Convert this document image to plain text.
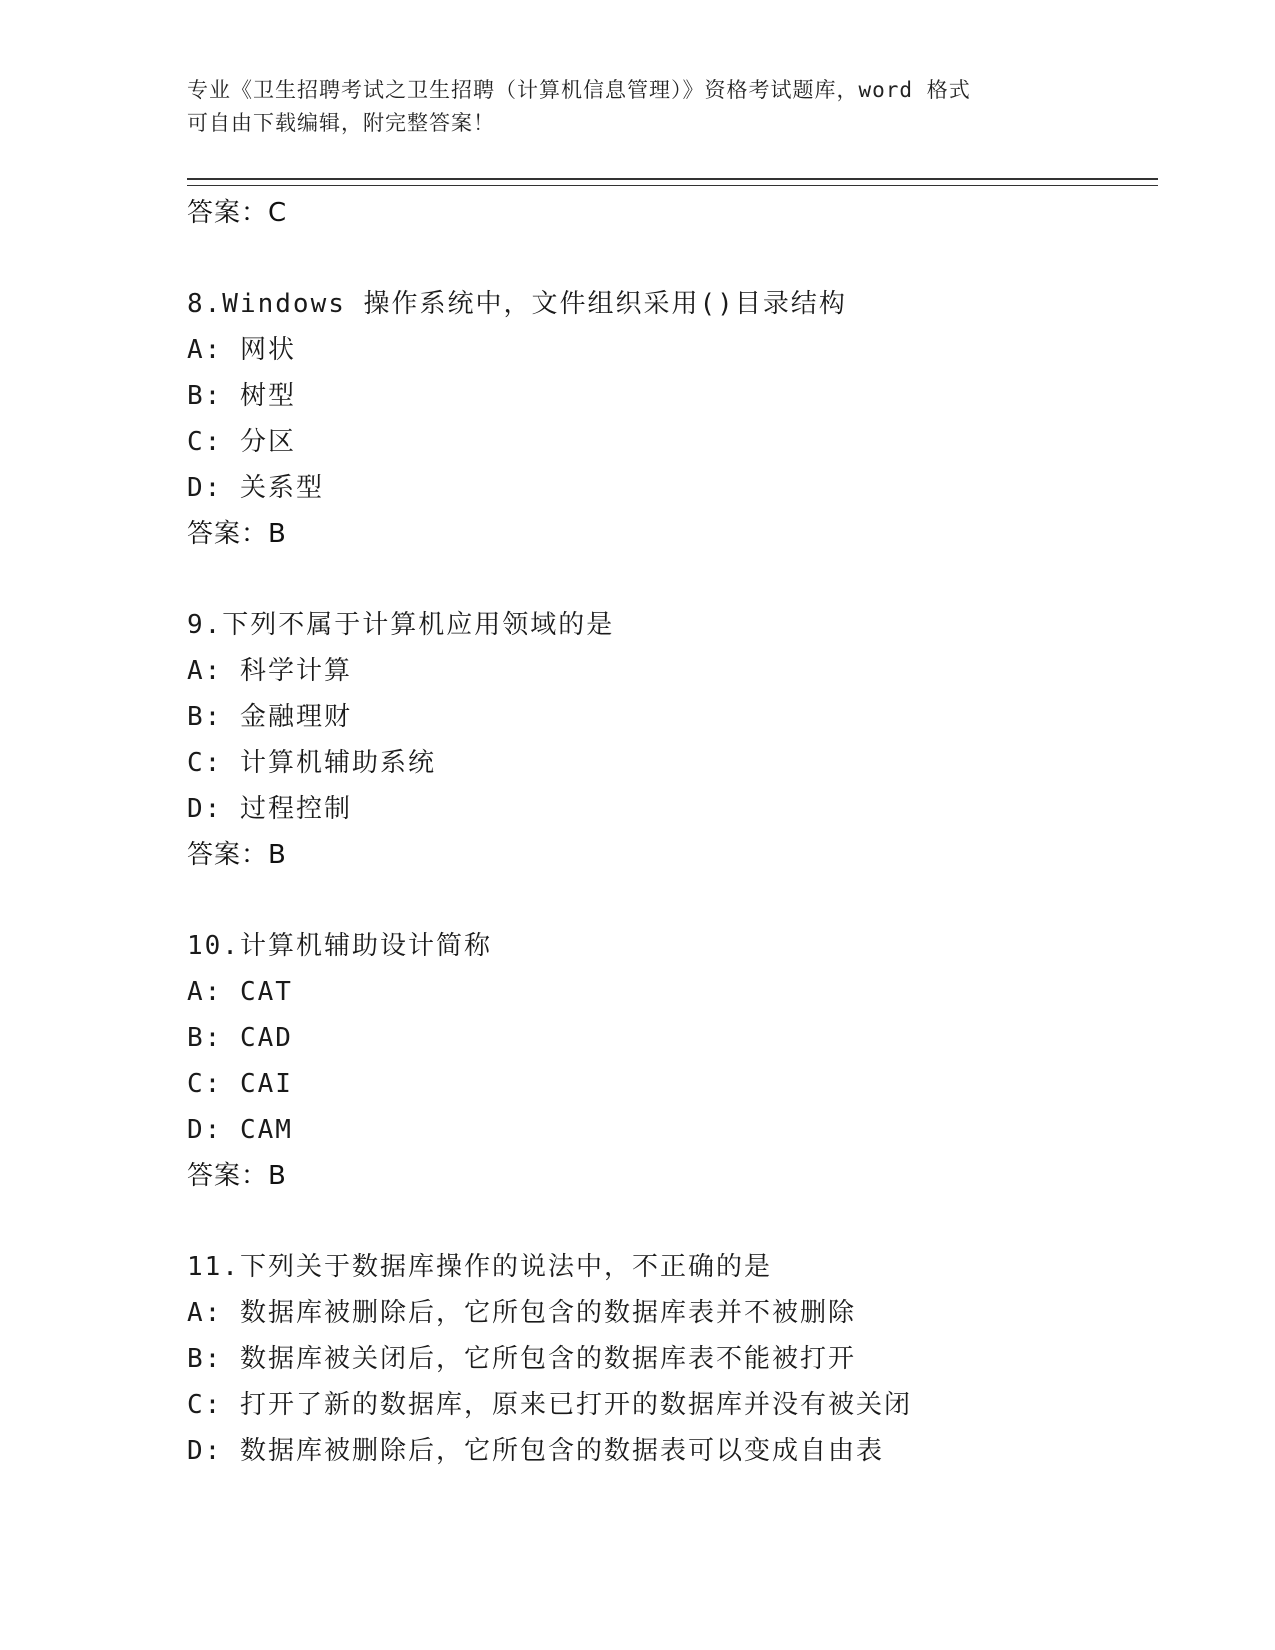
专业《卫生招聘考试之卫生招聘（计算机信息管理）》资格考试题库，word 格式
可自由下载编辑，附完整答案！
答案：C
8.Windows 操作系统中，文件组织采用()目录结构
A: 网状
B: 树型
C: 分区
D: 关系型
答案：B
9.下列不属于计算机应用领域的是
A: 科学计算
B: 金融理财
C: 计算机辅助系统
D: 过程控制
答案：B
10.计算机辅助设计简称
A: CAT
B: CAD
C: CAI
D: CAM
答案：B
11.下列关于数据库操作的说法中，不正确的是
A: 数据库被删除后，它所包含的数据库表并不被删除
B: 数据库被关闭后，它所包含的数据库表不能被打开
C: 打开了新的数据库，原来已打开的数据库并没有被关闭
D: 数据库被删除后，它所包含的数据表可以变成自由表
